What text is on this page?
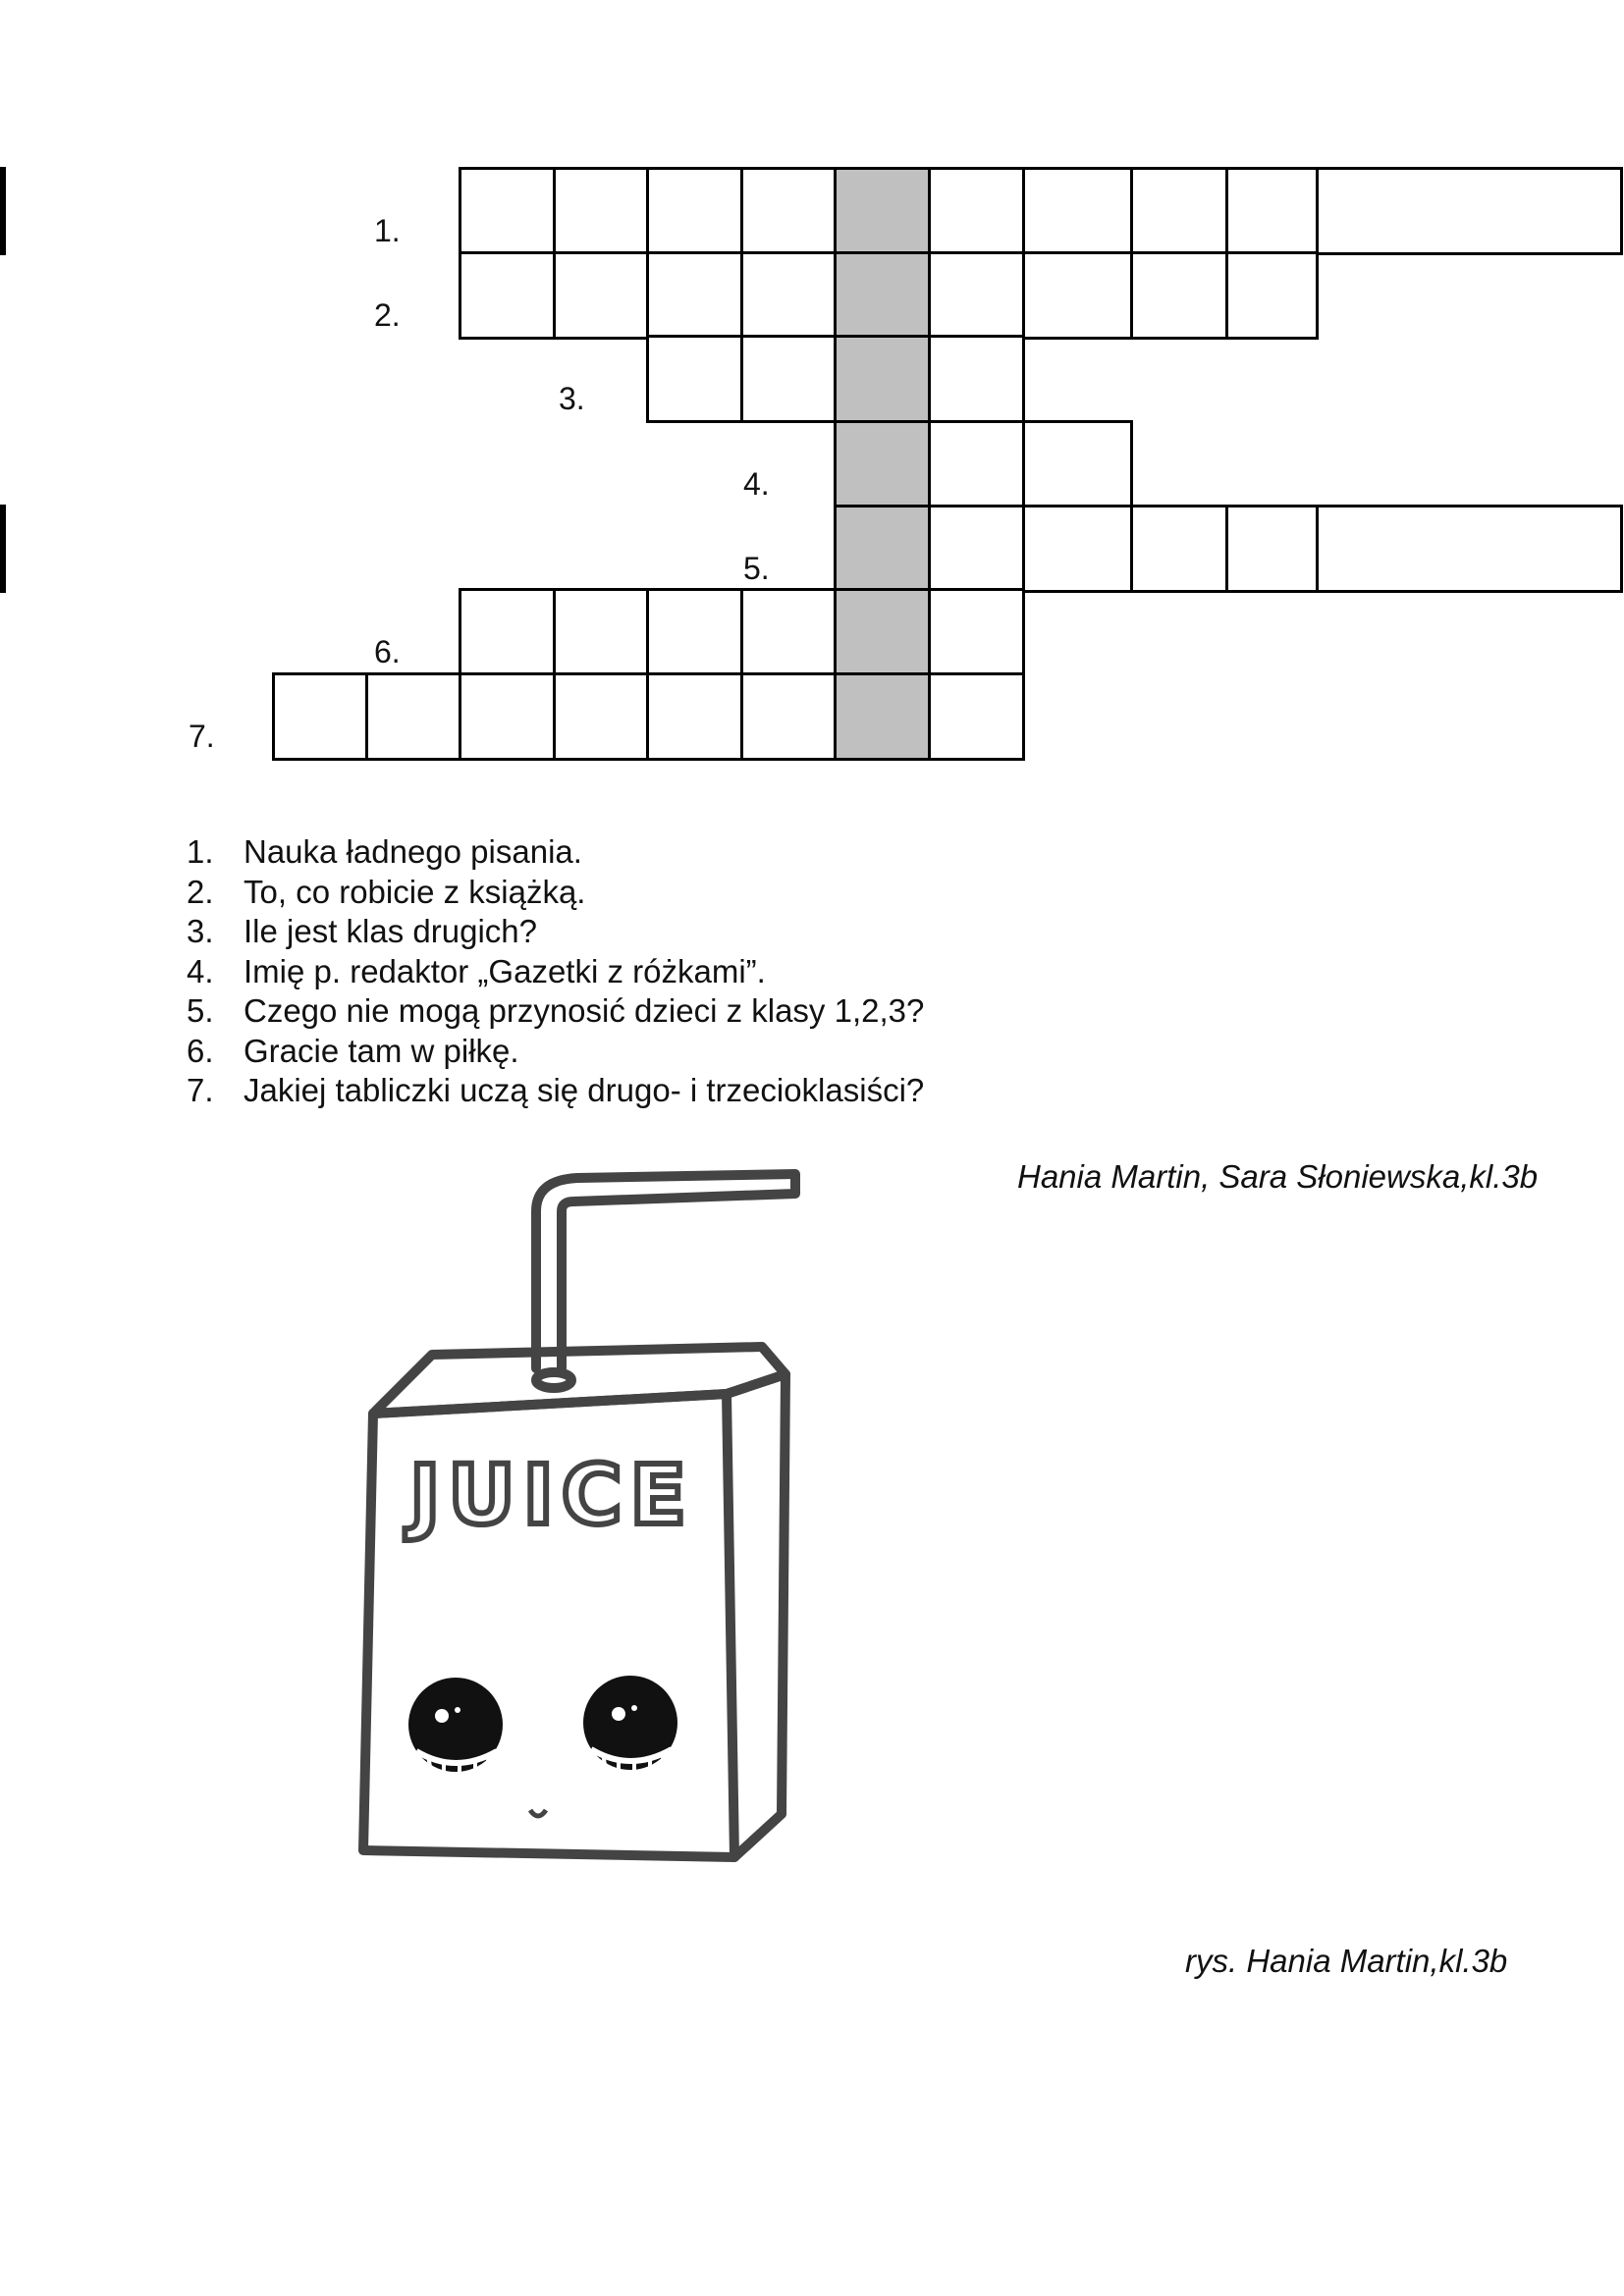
1.
2.
3.
4.
5.
6.
7.
1. Nauka ładnego pisania.
2. To, co robicie z książką.
3. Ile jest klas drugich?
4. Imię p. redaktor „Gazetki z różkami”.
5. Czego nie mogą przynosić dzieci z klasy 1,2,3?
6. Gracie tam w piłkę.
7. Jakiej tabliczki uczą się drugo- i trzecioklasiści?
Hania Martin, Sara Słoniewska,kl.3b
JUICE
rys. Hania Martin,kl.3b
